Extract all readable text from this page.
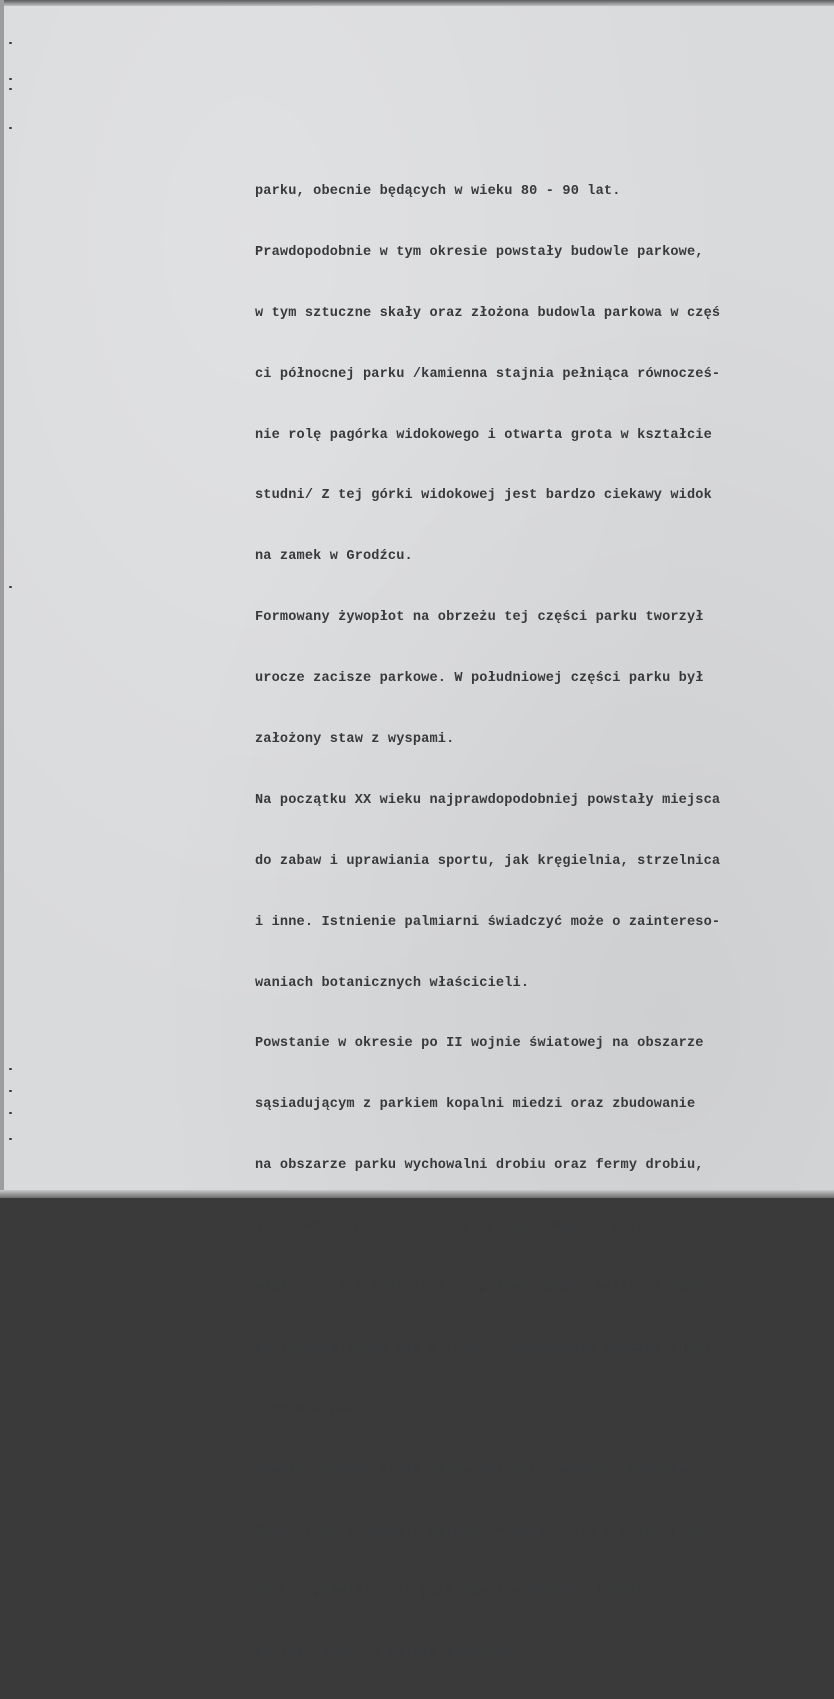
parku, obecnie będących w wieku 80 - 90 lat.

Prawdopodobnie w tym okresie powstały budowle parkowe,

w tym sztuczne skały oraz złożona budowla parkowa w częś

ci północnej parku /kamienna stajnia pełniąca równocześ-

nie rolę pagórka widokowego i otwarta grota w kształcie

studni/ Z tej górki widokowej jest bardzo ciekawy widok

na zamek w Grodźcu.

Formowany żywopłot na obrzeżu tej części parku tworzył

urocze zacisze parkowe. W południowej części parku był

założony staw z wyspami.

Na początku XX wieku najprawdopodobniej powstały miejsca

do zabaw i uprawiania sportu, jak kręgielnia, strzelnica

i inne. Istnienie palmiarni świadczyć może o zaintereso-

waniach botanicznych właścicieli.

Powstanie w okresie po II wojnie światowej na obszarze

sąsiadującym z parkiem kopalni miedzi oraz zbudowanie

na obszarze parku wychowalni drobiu oraz fermy drobiu,

jak również podział obszaru parku pomiędzy różnych

właścicieli a zwłaszcza stopniowy upadek wartości pała-

cu zmieniającego się w ruinę, spowodowało znaczne znisz-

czenia w parku.

Znaczna jednak ilość drzew aklimatyzowanych, bogactwo

form drzew i budowle parkowe w połączeniu z rozmiarami

parku sprawiają, że park nawet w obecnej formie repre-

zentuje znaczne walory zabytkowe.
